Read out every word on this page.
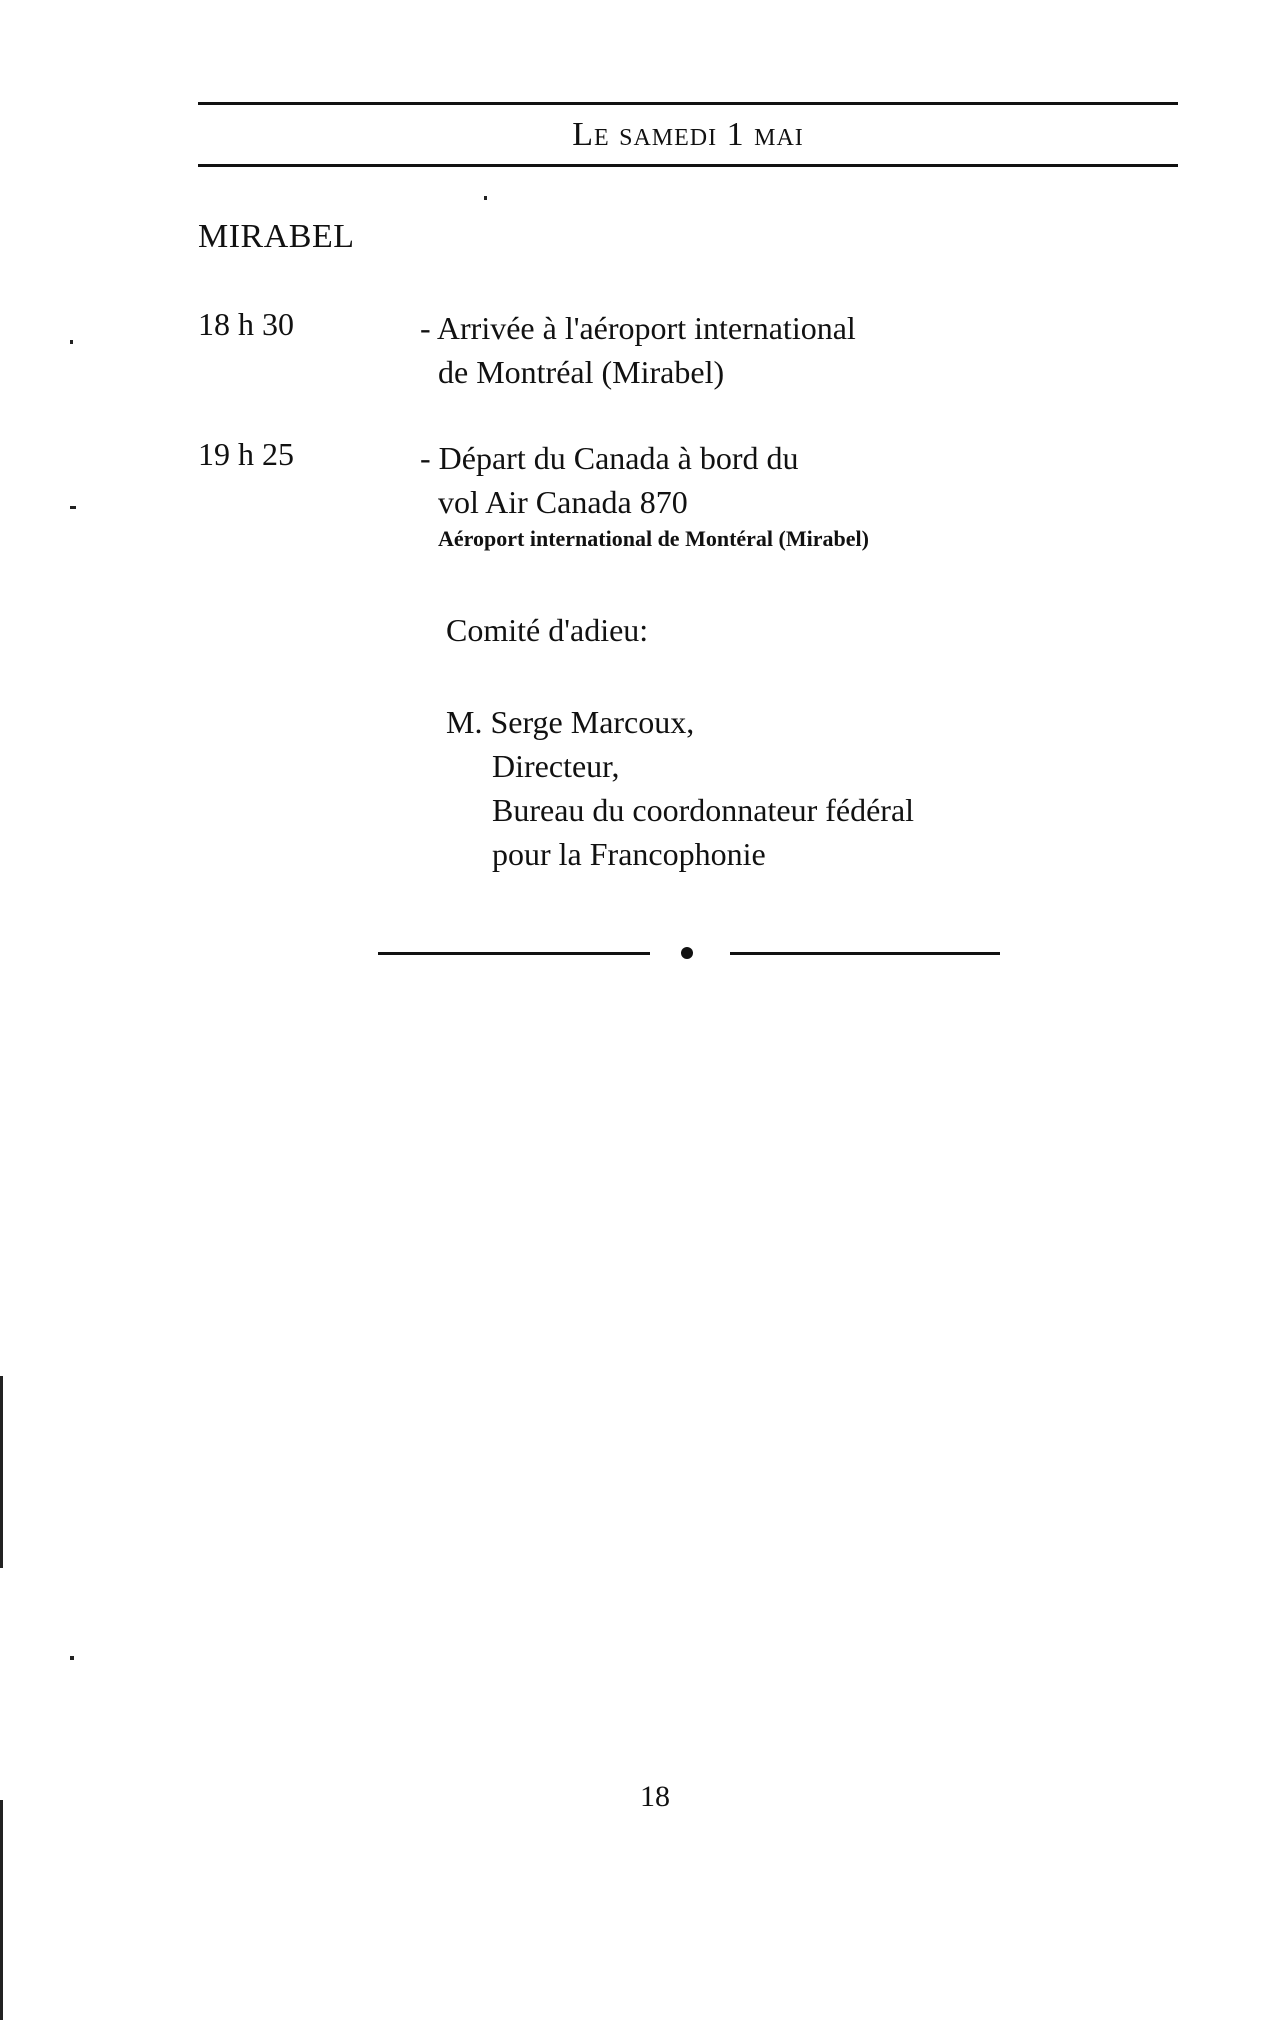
Le samedi 1 mai
MIRABEL
18 h 30	- Arrivée à l'aéroport international
de Montréal (Mirabel)
19 h 25	- Départ du Canada à bord du
vol Air Canada 870
Aéroport international de Montéral (Mirabel)
Comité d'adieu:
M. Serge Marcoux,
Directeur,
Bureau du coordonnateur fédéral
pour la Francophonie
18
